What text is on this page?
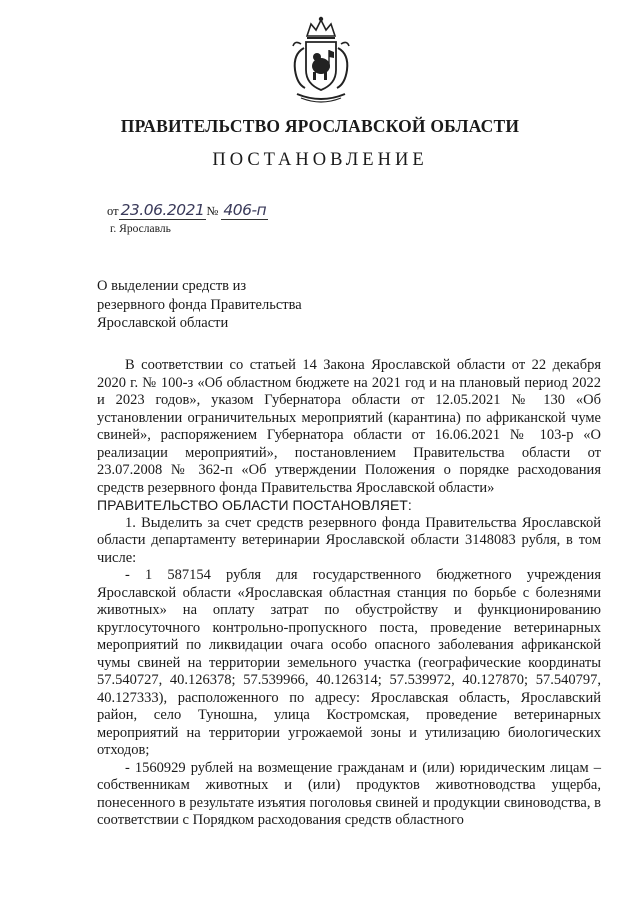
ПРАВИТЕЛЬСТВО ЯРОСЛАВСКОЙ ОБЛАСТИ
ПОСТАНОВЛЕНИЕ
от 23.06.2021 № 406-п
г. Ярославль
О выделении средств из
резервного фонда Правительства
Ярославской области

В соответствии со статьей 14 Закона Ярославской области от 22 декабря 2020 г. № 100-з «Об областном бюджете на 2021 год и на плановый период 2022 и 2023 годов», указом Губернатора области от 12.05.2021 № 130 «Об установлении ограничительных мероприятий (карантина) по африканской чуме свиней», распоряжением Губернатора области от 16.06.2021 № 103-р «О реализации мероприятий», постановлением Правительства области от 23.07.2008 № 362-п «Об утверждении Положения о порядке расходования средств резервного фонда Правительства Ярославской области»

ПРАВИТЕЛЬСТВО ОБЛАСТИ ПОСТАНОВЛЯЕТ:

1. Выделить за счет средств резервного фонда Правительства Ярославской области департаменту ветеринарии Ярославской области 3148083 рубля, в том числе:

- 1 587154 рубля для государственного бюджетного учреждения Ярославской области «Ярославская областная станция по борьбе с болезнями животных» на оплату затрат по обустройству и функционированию круглосуточного контрольно-пропускного поста, проведение ветеринарных мероприятий по ликвидации очага особо опасного заболевания африканской чумы свиней на территории земельного участка (географические координаты 57.540727, 40.126378; 57.539966, 40.126314; 57.539972, 40.127870; 57.540797, 40.127333), расположенного по адресу: Ярославская область, Ярославский район, село Туношна, улица Костромская, проведение ветеринарных мероприятий на территории угрожаемой зоны и утилизацию биологических отходов;

- 1560929 рублей на возмещение гражданам и (или) юридическим лицам – собственникам животных и (или) продуктов животноводства ущерба, понесенного в результате изъятия поголовья свиней и продукции свиноводства, в соответствии с Порядком расходования средств областного
